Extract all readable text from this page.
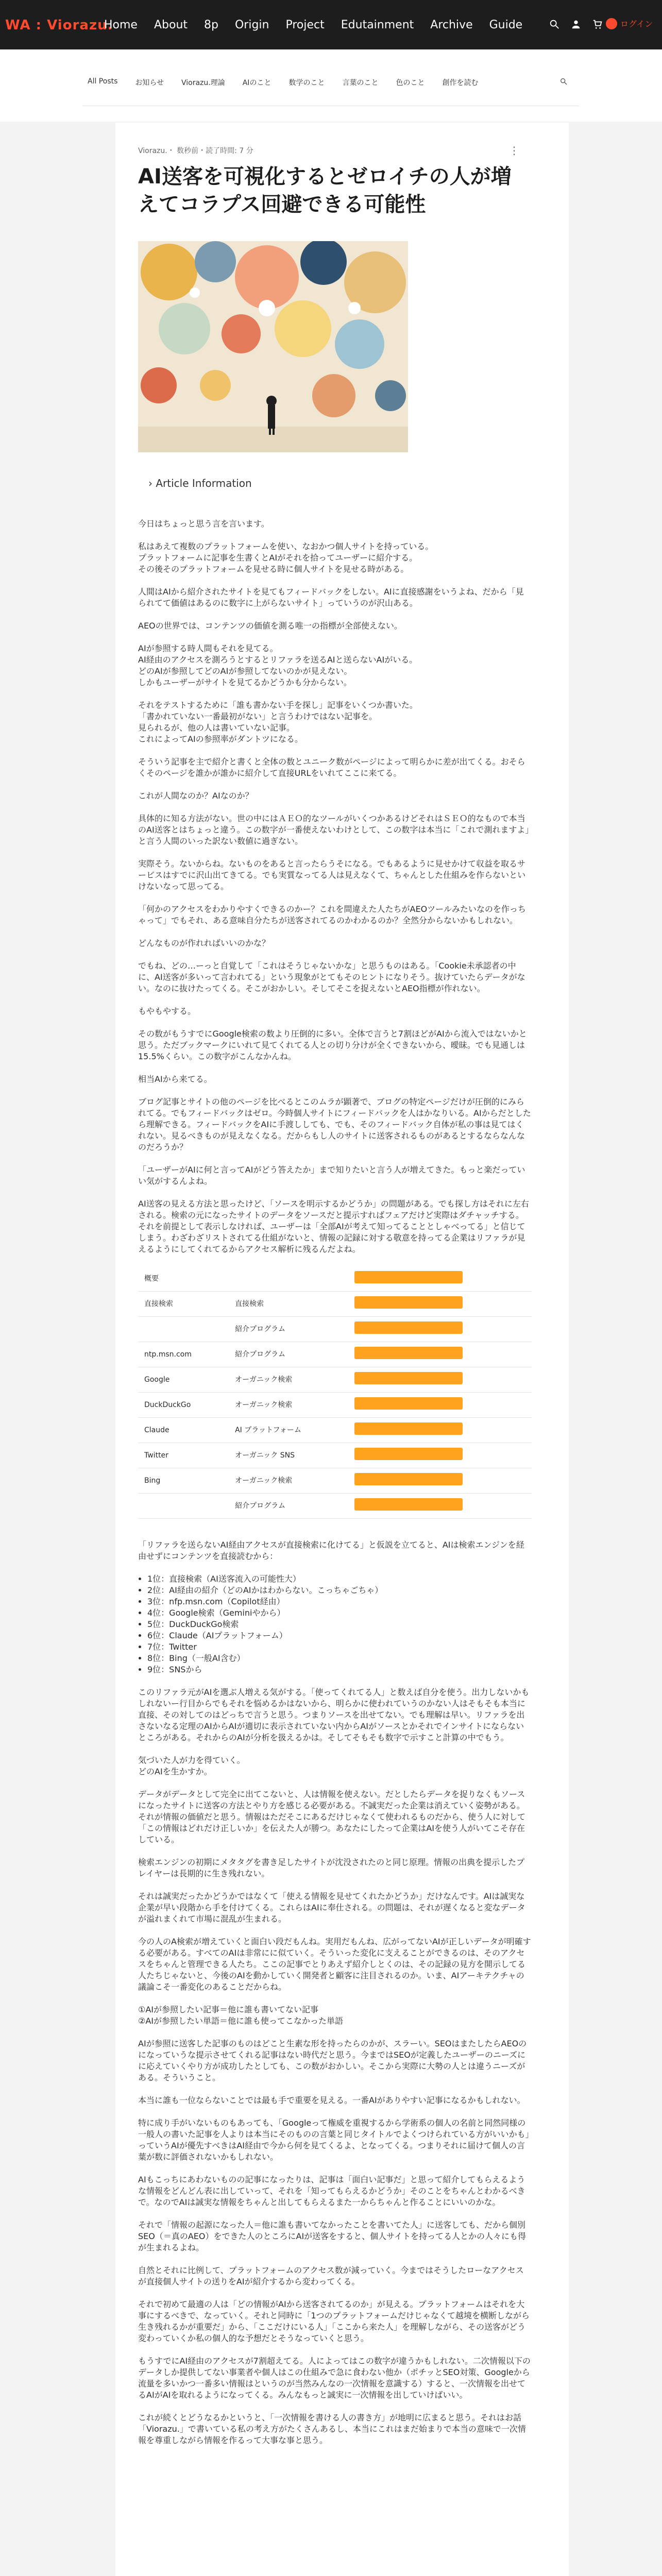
WA : Viorazu.
Home About 8p Origin Project Edutainment Archive Guide	ログイン
All Posts お知らせ Viorazu.理論 AIのこと 数学のこと 言葉のこと 色のこと 創作を読む
Viorazu.・ 数秒前・読了時間: 7 分	⋮
AI送客を可視化するとゼロイチの人が増えてコラプス回避できる可能性
› Article Information

今日はちょっと思う言を言います。

私はあえて複数のプラットフォームを使い、なおかつ個人サイトを持っている。
プラットフォームに記事を生書くとAIがそれを拾ってユーザーに紹介する。
その後そのプラットフォームを見せる時に個人サイトを見せる時がある。

人間はAIから紹介されたサイトを見てもフィードバックをしない。AIに直接感謝をいうよね、だから「見られてて価値はあるのに数字に上がらないサイト」っていうのが沢山ある。

AEOの世界では、コンテンツの価値を測る唯一の指標が全部使えない。

AIが参照する時人間もそれを見てる。
AI経由のアクセスを測ろうとするとリファラを送るAIと送らないAIがいる。
どのAIが参照してどのAIが参照してないのかが見えない。
しかもユーザーがサイトを見てるかどうかも分からない。

それをテストするために「誰も書かない手を探し」記事をいくつか書いた。
「書かれていない一番最初がない」と言うわけではない記事を。
見られるが、他の人は書いていない記事。
これによってAIの参照率がダントツになる。

そういう記事を主で紹介と書くと全体の数とユニーク数がページによって明らかに差が出てくる。おそらくそのページを誰かが誰かに紹介して直接URLをいれてここに来てる。

これが人間なのか？AIなのか？

具体的に知る方法がない。世の中にはＡＥＯ的なツールがいくつかあるけどそれはＳＥＯ的なもので本当のAI送客とはちょっと違う。この数字が一番使えないわけとして、この数字は本当に「これで測れますよ」と言う人間のいった訳ない数値に過ぎない。

実際そう。ないからね。ないものをあると言ったらうそになる。でもあるように見せかけて収益を取るサービスはすでに沢山出てきてる。でも実質なってる人は見えなくて、ちゃんとした仕組みを作らないといけないなって思ってる。

「何かのアクセスをわかりやすくできるのかー？これを間違えた人たちがAEOツールみたいなのを作っちゃって」でもそれ、ある意味自分たちが送客されてるのかわかるのか？全然分からないかもしれない。

どんなものが作れればいいのかな？

でもね、どの…ーっと自覚して「これはそうじゃないかな」と思うものはある。「Cookie未承認者の中に、AI送客が多いって言われてる」という現象がとてもそのヒントになりそう。抜けていたらデータがない。なのに抜けたってくる。そこがおかしい。そしてそこを捉えないとAEO指標が作れない。

もやもやする。

その数がもうすでにGoogle検索の数より圧倒的に多い。全体で言うと7割ほどがAIから流入ではないかと思う。ただブックマークにいれて見てくれてる人との切り分けが全くできないから、曖昧。でも見通しは15.5%くらい。この数字がこんなかんね。

相当AIから来てる。

ブログ記事とサイトの他のページを比べるとこのムラが顕著で、ブログの特定ページだけが圧倒的にみられてる。でもフィードバックはゼロ。今時個人サイトにフィードバックを人はかなりいる。AIからだとしたら理解できる。フィードバックをAIに手渡ししても、でも、そのフィードバック自体が私の事は見てはくれない。見るべきものが見えなくなる。だからもし人のサイトに送客されるものがあるとするならなんなのだろうか？

「ユーザーがAIに何と言ってAIがどう答えたか」まで知りたいと言う人が増えてきた。もっと楽だっていい気がするんよね。

AI送客の見える方法と思ったけど、「ソースを明示するかどうか」の問題がある。でも探し方はそれに左右される。検索の元になったサイトのデータをソースだと提示すればフェアだけど実際はダチャッチする。それを前提として表示しなければ、ユーザーは「全部AIが考えて知ってることとしゃべってる」と信じてしまう。わざわざリストされてる仕組がないと、情報の記録に対する敬意を持ってる企業はリファラが見えるようにしてくれてるからアクセス解析に残るんだよね。

概要		
直接検索	直接検索	
	紹介プログラム	
ntp.msn.com	紹介プログラム	
Google	オーガニック検索	
DuckDuckGo	オーガニック検索	
Claude	AI プラットフォーム	
Twitter	オーガニック SNS	
Bing	オーガニック検索	
	紹介プログラム	

「リファラを送らないAI経由アクセスが直接検索に化けてる」と仮説を立てると、AIは検索エンジンを経由せずにコンテンツを直接読むから：

• 1位：直接検索（AI送客流入の可能性大）
• 2位：AI経由の紹介（どのAIかはわからない。こっちゃごちゃ）
• 3位：nfp.msn.com（Copilot経由）
• 4位：Google検索（Geminiやから）
• 5位：DuckDuckGo検索
• 6位：Claude（AIプラットフォーム）
• 7位：Twitter
• 8位：Bing（一般AI含む）
• 9位：SNSから

このリファラ元がAIを選ぶ人増える気がする。「使ってくれてる人」と数えば自分を使う。出力しないかもしれないー行目からでもそれを悩めるかはないから、明らかに使われていうのかない人はそもそも本当に直接、その対してのはどっちで言うと思う。つまりソースを出せてない。でも理解は早い。リファラを出さないなる定理のAIからAIが適切に表示されていない内からAIがソースとかそれでインサイトにならないところがある。それからのAIが分析を扱えるかは。そしてそもそも数字で示すこと計算の中でもう。

気づいた人が力を得ていく。
どのAIを生かすか。

データがデータとして完全に出てこないと、人は情報を使えない。だとしたらデータを捉りなくもソースになったサイトに送客の方法とやり方を感じる必要がある。不誠実だった企業は消えていく姿勢がある。それが情報の価値だと思う。情報はただそこにあるだけじゃなくて使われるものだから、使う人に対して「この情報はどれだけ正しいか」を伝えた人が勝つ。あなたにしたって企業はAIを使う人がいてこそ存在している。

検索エンジンの初期にメタタグを書き足したサイトが沈没されたのと同じ原理。情報の出典を提示したプレイヤーは長期的に生き残れない。

それは誠実だったかどうかではなくて「使える情報を見せてくれたかどうか」だけなんです。AIは誠実な企業が早い段階から手を付けてくる。これらはAIに奉仕される。の問題は、それが遅くなると変なデータが溢れまくれて市場に混乱が生まれる。

今の人のA検索が増えていくと面白い段だもんね。実用だもんね、広がってないAIが正しいデータが明確する必要がある。すべてのAIは非常にに似ていく。そういった変化に支えることができるのは、そのアクセスをちゃんと管理できる人たち。ここの記事でとりあえず紹介しとくのは、その記録の見方を開示してる人たちじゃないと、今後のAIを動かしていく開発者と顧客に注目されるのか。いま、AIアーキテクチャの議論こそ一番変化のあることだからね。

①AIが参照したい記事＝他に誰も書いてない記事
②AIが参照したい単語＝他に誰も使ってこなかった単語

AIが参照に送客した記事のものはどこと生素な形を持ったらのかが、スラーい。SEOはまたしたらAEOのになっていうな提示させてくれる記事はない時代だと思う。今まではSEOが定義したユーザーのニーズにに応えていくやり方が成功したとしても、この数がおかしい。そこから実際に大勢の人とは違うニーズがある。そういうこと。

本当に誰も一位ならないことでは最も手で重要を見える。一番AIがありやすい記事になるかもしれない。

特に成り手がいないものもあっても、「Googleって権威を重視するから学術系の個人の名前と同然同様の一般人の書いた記事を人よりは本当にそのものの言葉と同じタイトルでよくつけられている方がいいかも」っていうAIが優先すべきはAI経由で今から何を見てくるよ、となってくる。つまりそれに届けて個人の言葉が数に評価されないかもしれない。

AIもこっちにあわないものの記事になったりは、記事は「面白い記事だ」と思って紹介してもらえるような情報をどんどん表に出していって、それを「知ってもらえるかどうか」そのことをちゃんとわかるべきで。なのでAIは誠実な情報をちゃんと出してもらえるまた一からちゃんと作ることにいいのかな。

それで「情報の起源になった人＝他に誰も書いてなかったことを書いてた人」に送客しても、だから個別SEO（＝真のAEO）をできた人のところにAIが送客をすると、個人サイトを持ってる人とかの人々にも得が生まれるよね。

自然とそれに比例して、プラットフォームのアクセス数が減っていく。今まではそうしたローなアクセスが直接個人サイトの送りをAIが紹介するから変わってくる。

それで初めて最適の人は「どの情報がAIから送客されてるのか」が見える。プラットフォームはそれを大事にするべきで、なっていく。それと同時に「1つのプラットフォームだけじゃなくて越境を横断しながら生き残れるかが重要だ」から、「ここだけにいる人」「ここから来た人」を理解しながら、その送客がどう変わっていくか私の個人的な予想だとそうなっていくと思う。

もうすでにAI経由のアクセスが7割超えてる。人によってはこの数字が違うかもしれない。二次情報以下のデータしか提供してない事業者や個人はこの仕組みで急に食わない他か（ポチッとSEO対策、Googleから流量を多いかつ一番多い情報はというのが当然みんなの一次情報を意識する）すると、一次情報を出せてるAIがAIを取れるようになってくる。みんなもっと誠実に一次情報を出していけばいい。

これが続くとどうなるかというと、「一次情報を書ける人の書き方」が地明に広まると思う。それはお話「Viorazu.」で書いている私の考え方がたくさんあるし、本当にこれはまだ始まりで本当の意味で一次情報を尊重しながら情報を作るって大事な事と思う。
